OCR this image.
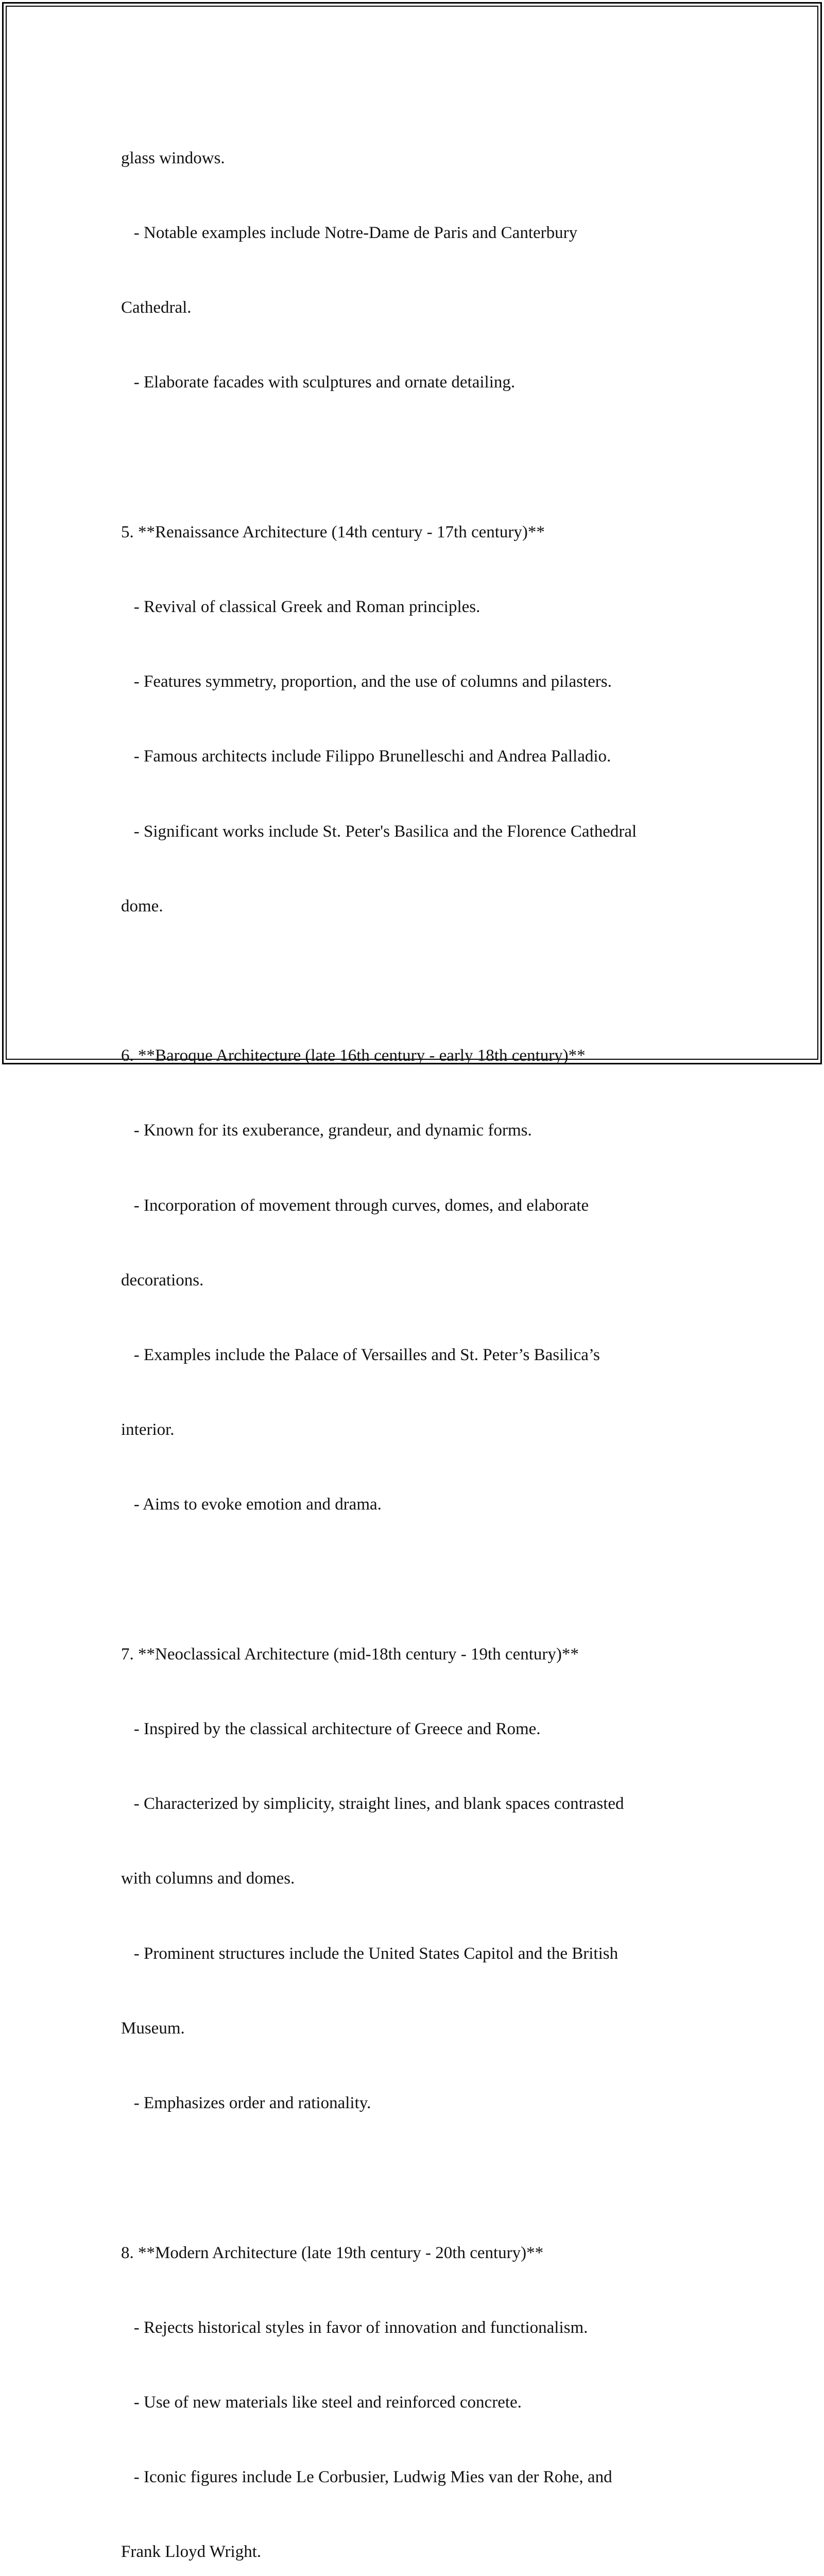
glass windows.

- Notable examples include Notre-Dame de Paris and Canterbury

Cathedral.

- Elaborate facades with sculptures and ornate detailing.

5. **Renaissance Architecture (14th century - 17th century)**

- Revival of classical Greek and Roman principles.

- Features symmetry, proportion, and the use of columns and pilasters.

- Famous architects include Filippo Brunelleschi and Andrea Palladio.

- Significant works include St. Peter's Basilica and the Florence Cathedral

dome.

6. **Baroque Architecture (late 16th century - early 18th century)**

- Known for its exuberance, grandeur, and dynamic forms.

- Incorporation of movement through curves, domes, and elaborate

decorations.

- Examples include the Palace of Versailles and St. Peter’s Basilica’s

interior.

- Aims to evoke emotion and drama.

7. **Neoclassical Architecture (mid-18th century - 19th century)**

- Inspired by the classical architecture of Greece and Rome.

- Characterized by simplicity, straight lines, and blank spaces contrasted

with columns and domes.

- Prominent structures include the United States Capitol and the British

Museum.

- Emphasizes order and rationality.

8. **Modern Architecture (late 19th century - 20th century)**

- Rejects historical styles in favor of innovation and functionalism.

- Use of new materials like steel and reinforced concrete.

- Iconic figures include Le Corbusier, Ludwig Mies van der Rohe, and

Frank Lloyd Wright.
